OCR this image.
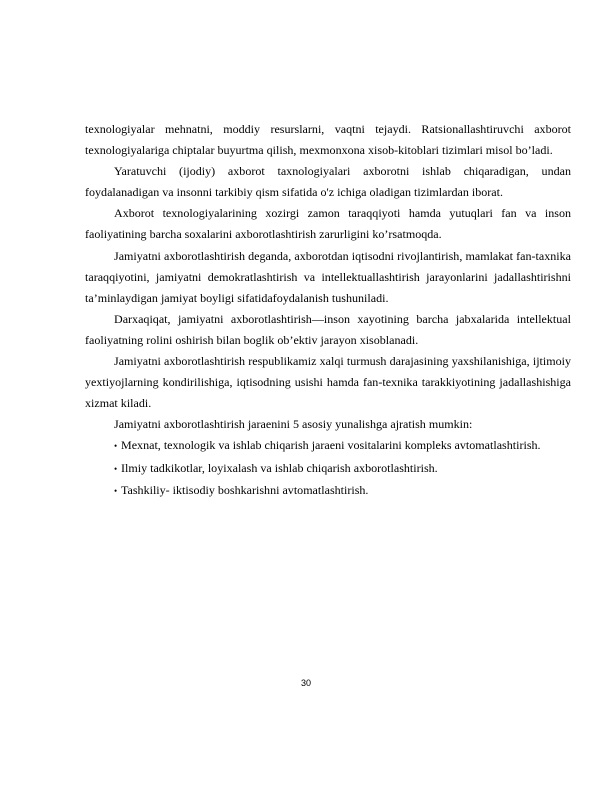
texnologiyalar mehnatni, moddiy resurslarni, vaqtni tejaydi. Ratsionallashtiruvchi axborot texnologiyalariga chiptalar buyurtma qilish, mexmonxona xisob-kitoblari tizimlari misol bo’ladi.

Yaratuvchi (ijodiy) axborot taxnologiyalari axborotni ishlab chiqaradigan, undan foydalanadigan va insonni tarkibiy qism sifatida o'z ichiga oladigan tizimlardan iborat.

Axborot texnologiyalarining xozirgi zamon taraqqiyoti hamda yutuqlari fan va inson faoliyatining barcha soxalarini axborotlashtirish zarurligini ko’rsatmoqda.

Jamiyatni axborotlashtirish deganda, axborotdan iqtisodni rivojlantirish, mamlakat fan-taxnika taraqqiyotini, jamiyatni demokratlashtirish va intellektuallashtirish jarayonlarini jadallashtirishni ta’minlaydigan jamiyat boyligi sifatidafoydalanish tushuniladi.

Darxaqiqat, jamiyatni axborotlashtirish—inson xayotining barcha jabxalarida intellektual faoliyatning rolini oshirish bilan boglik ob’ektiv jarayon xisoblanadi.

Jamiyatni axborotlashtirish respublikamiz xalqi turmush darajasining yaxshilanishiga, ijtimoiy yextiyojlarning kondirilishiga, iqtisodning usishi hamda fan-texnika tarakkiyotining jadallashishiga xizmat kiladi.

Jamiyatni axborotlashtirish jaraenini 5 asosiy yunalishga ajratish mumkin:

• Mexnat, texnologik va ishlab chiqarish jaraeni vositalarini kompleks avtomatlashtirish.

• Ilmiy tadkikotlar, loyixalash va ishlab chiqarish axborotlashtirish.

• Tashkiliy- iktisodiy boshkarishni avtomatlashtirish.

30
